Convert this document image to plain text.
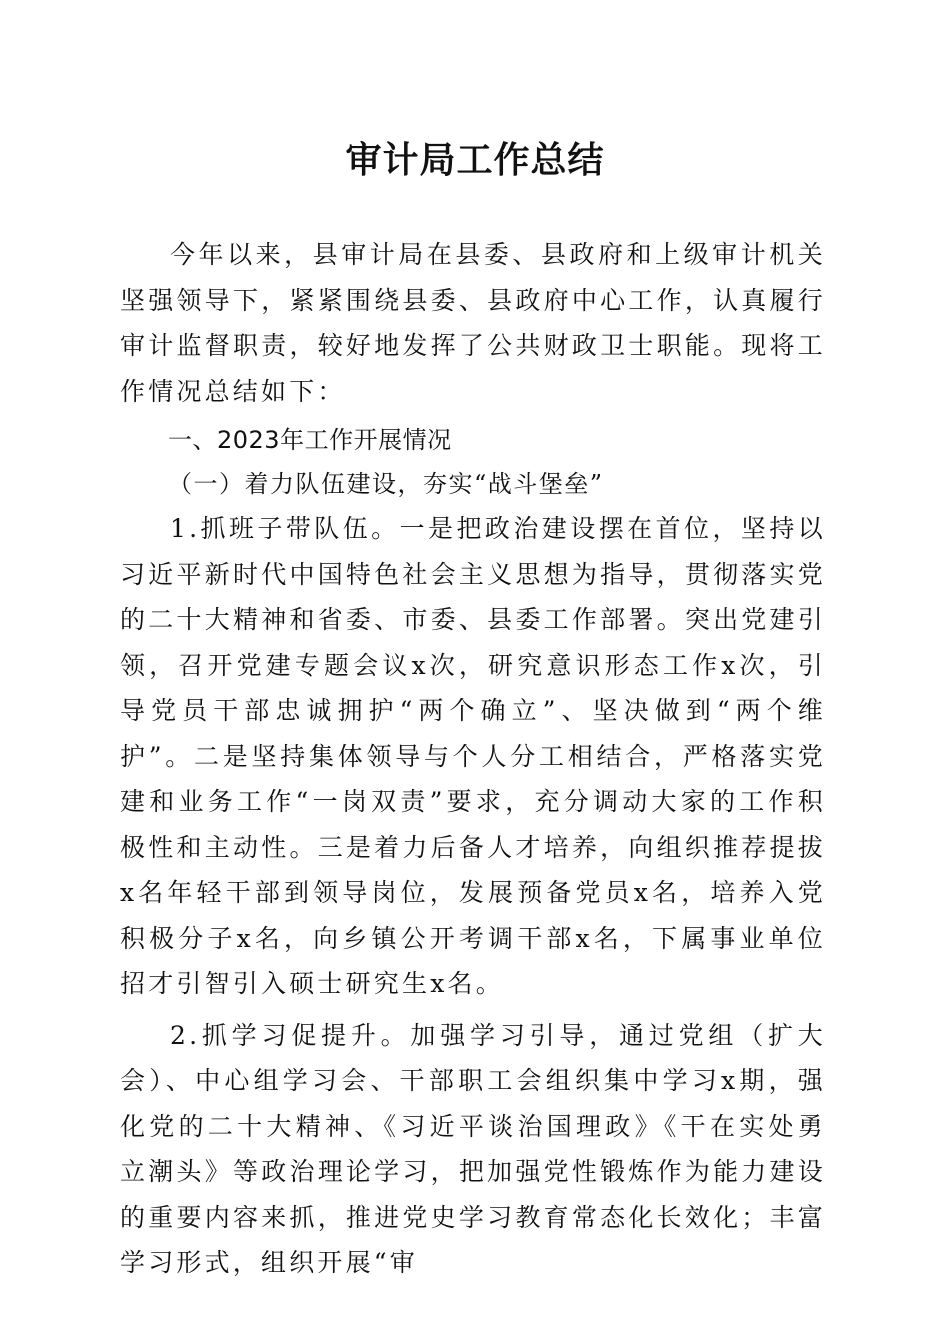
审计局工作总结

今年以来，县审计局在县委、县政府和上级审计机关坚强领导下，紧紧围绕县委、县政府中心工作，认真履行审计监督职责，较好地发挥了公共财政卫士职能。现将工作情况总结如下：

一、2023年工作开展情况

（一）着力队伍建设，夯实“战斗堡垒”

1.抓班子带队伍。一是把政治建设摆在首位，坚持以习近平新时代中国特色社会主义思想为指导，贯彻落实党的二十大精神和省委、市委、县委工作部署。突出党建引领，召开党建专题会议x次，研究意识形态工作x次，引导党员干部忠诚拥护“两个确立”、坚决做到“两个维护”。二是坚持集体领导与个人分工相结合，严格落实党建和业务工作“一岗双责”要求，充分调动大家的工作积极性和主动性。三是着力后备人才培养，向组织推荐提拔x名年轻干部到领导岗位，发展预备党员x名，培养入党积极分子x名，向乡镇公开考调干部x名，下属事业单位招才引智引入硕士研究生x名。

2.抓学习促提升。加强学习引导，通过党组（扩大会）、中心组学习会、干部职工会组织集中学习x期，强化党的二十大精神、《习近平谈治国理政》《干在实处勇立潮头》等政治理论学习，把加强党性锻炼作为能力建设的重要内容来抓，推进党史学习教育常态化长效化；丰富学习形式，组织开展“审
